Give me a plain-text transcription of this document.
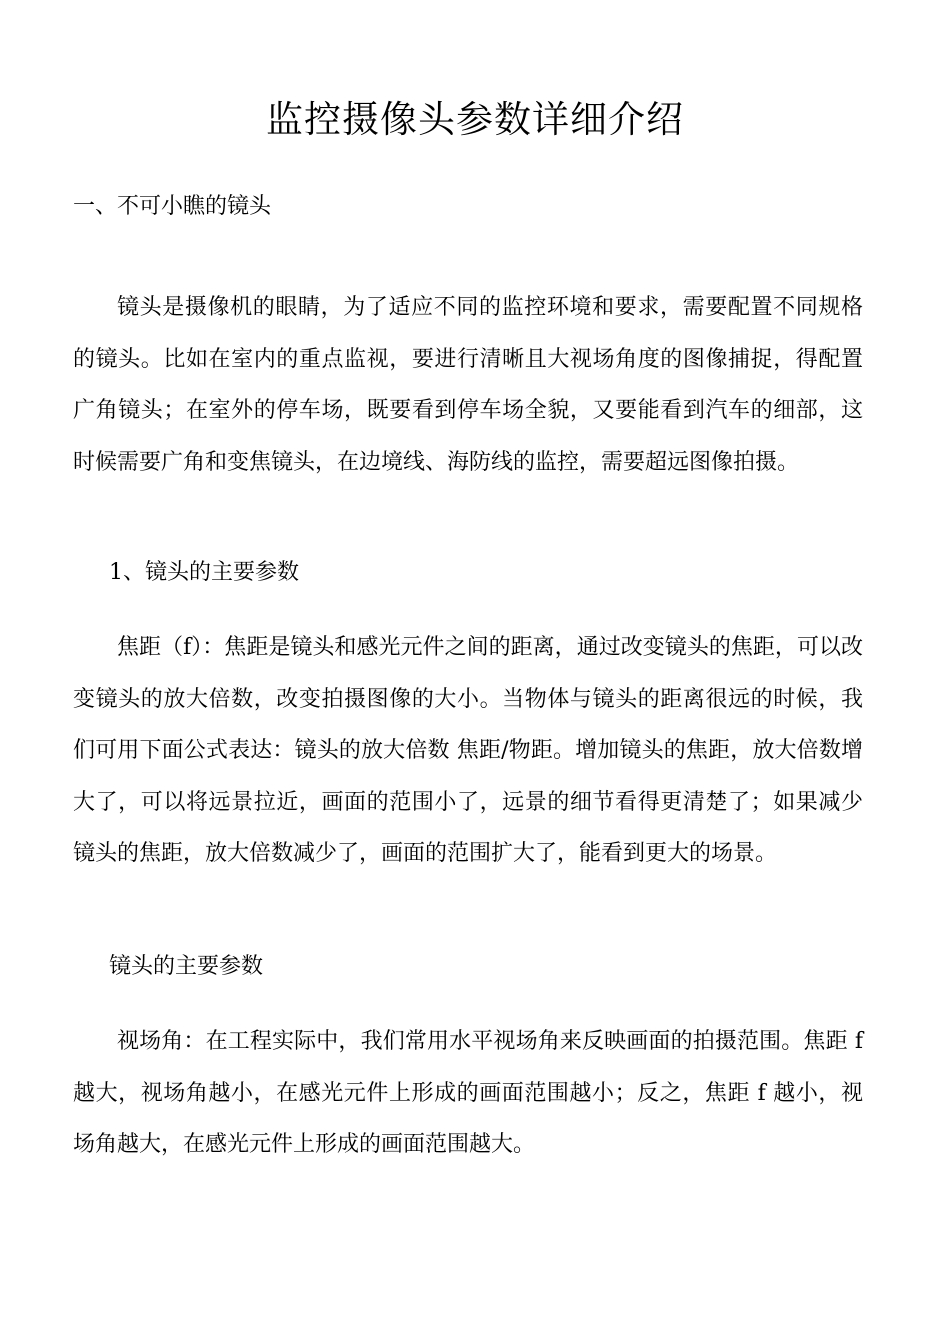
监控摄像头参数详细介绍
一、不可小瞧的镜头

镜头是摄像机的眼睛，为了适应不同的监控环境和要求，需要配置不同规格的镜头。比如在室内的重点监视，要进行清晰且大视场角度的图像捕捉，得配置广角镜头；在室外的停车场，既要看到停车场全貌，又要能看到汽车的细部，这时候需要广角和变焦镜头，在边境线、海防线的监控，需要超远图像拍摄。

1、镜头的主要参数

焦距（f）：焦距是镜头和感光元件之间的距离，通过改变镜头的焦距，可以改变镜头的放大倍数，改变拍摄图像的大小。当物体与镜头的距离很远的时候，我们可用下面公式表达：镜头的放大倍数 焦距/物距。增加镜头的焦距，放大倍数增大了，可以将远景拉近，画面的范围小了，远景的细节看得更清楚了；如果减少镜头的焦距，放大倍数减少了，画面的范围扩大了，能看到更大的场景。

镜头的主要参数

视场角：在工程实际中，我们常用水平视场角来反映画面的拍摄范围。焦距 f 越大，视场角越小，在感光元件上形成的画面范围越小；反之，焦距 f 越小，视场角越大，在感光元件上形成的画面范围越大。
